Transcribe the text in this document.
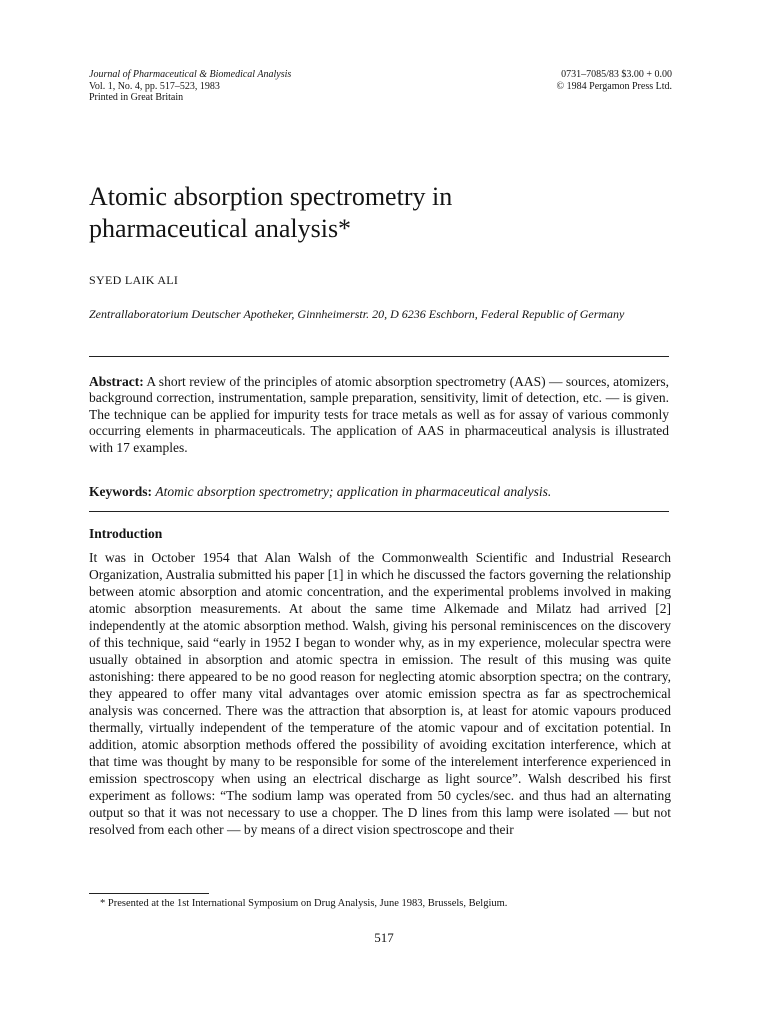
Journal of Pharmaceutical & Biomedical Analysis
Vol. 1, No. 4, pp. 517–523, 1983
Printed in Great Britain
0731–7085/83 $3.00 + 0.00
© 1984 Pergamon Press Ltd.
Atomic absorption spectrometry in
pharmaceutical analysis*
SYED LAIK ALI
Zentrallaboratorium Deutscher Apotheker, Ginnheimerstr. 20, D 6236 Eschborn, Federal Republic of Germany
Abstract: A short review of the principles of atomic absorption spectrometry (AAS) — sources, atomizers, background correction, instrumentation, sample preparation, sensitivity, limit of detection, etc. — is given. The technique can be applied for impurity tests for trace metals as well as for assay of various commonly occurring elements in pharmaceuticals. The application of AAS in pharmaceutical analysis is illustrated with 17 examples.
Keywords: Atomic absorption spectrometry; application in pharmaceutical analysis.
Introduction
It was in October 1954 that Alan Walsh of the Commonwealth Scientific and Industrial Research Organization, Australia submitted his paper [1] in which he discussed the factors governing the relationship between atomic absorption and atomic concentration, and the experimental problems involved in making atomic absorption measurements. At about the same time Alkemade and Milatz had arrived [2] independently at the atomic absorption method. Walsh, giving his personal reminiscences on the discovery of this technique, said “early in 1952 I began to wonder why, as in my experience, molecular spectra were usually obtained in absorption and atomic spectra in emission. The result of this musing was quite astonishing: there appeared to be no good reason for neglecting atomic absorption spectra; on the contrary, they appeared to offer many vital advantages over atomic emission spectra as far as spectrochemical analysis was concerned. There was the attraction that absorption is, at least for atomic vapours produced thermally, virtually independent of the temperature of the atomic vapour and of excitation potential. In addition, atomic absorption methods offered the possibility of avoiding excitation interference, which at that time was thought by many to be responsible for some of the interelement interference experienced in emission spectroscopy when using an electrical discharge as light source”. Walsh described his first experiment as follows: “The sodium lamp was operated from 50 cycles/sec. and thus had an alternating output so that it was not necessary to use a chopper. The D lines from this lamp were isolated — but not resolved from each other — by means of a direct vision spectroscope and their
* Presented at the 1st International Symposium on Drug Analysis, June 1983, Brussels, Belgium.
517
